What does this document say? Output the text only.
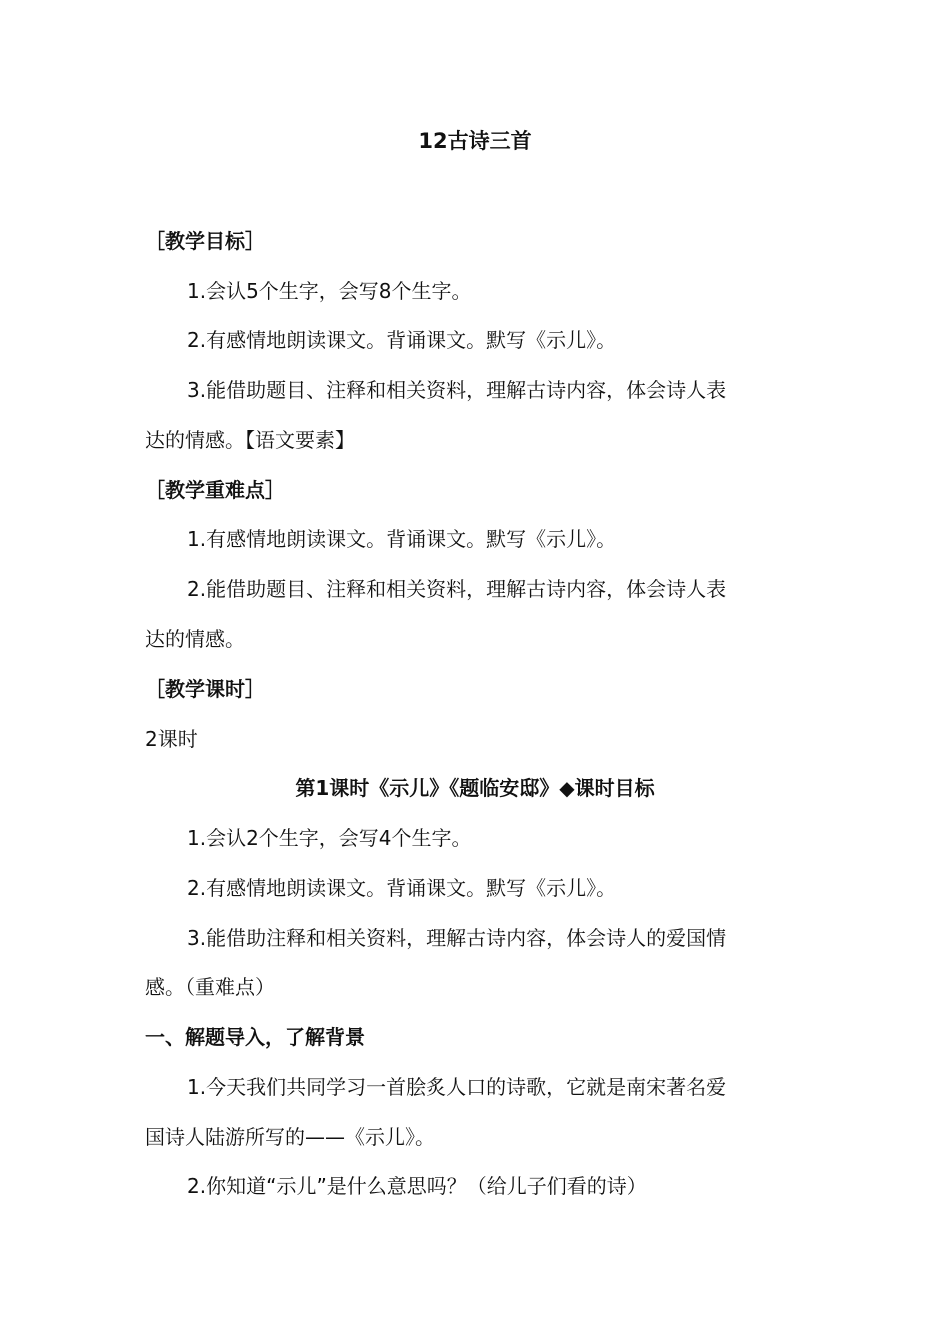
12古诗三首
［教学目标］
1.会认5个生字，会写8个生字。
2.有感情地朗读课文。背诵课文。默写《示儿》。
3.能借助题目、注释和相关资料，理解古诗内容，体会诗人表
达的情感。【语文要素】
［教学重难点］
1.有感情地朗读课文。背诵课文。默写《示儿》。
2.能借助题目、注释和相关资料，理解古诗内容，体会诗人表
达的情感。
［教学课时］
2课时
第1课时《示儿》《题临安邸》◆课时目标
1.会认2个生字，会写4个生字。
2.有感情地朗读课文。背诵课文。默写《示儿》。
3.能借助注释和相关资料，理解古诗内容，体会诗人的爱国情
感。（重难点）
一、解题导入，了解背景
1.今天我们共同学习一首脍炙人口的诗歌，它就是南宋著名爱
国诗人陆游所写的——《示儿》。
2.你知道“示儿”是什么意思吗？（给儿子们看的诗）
